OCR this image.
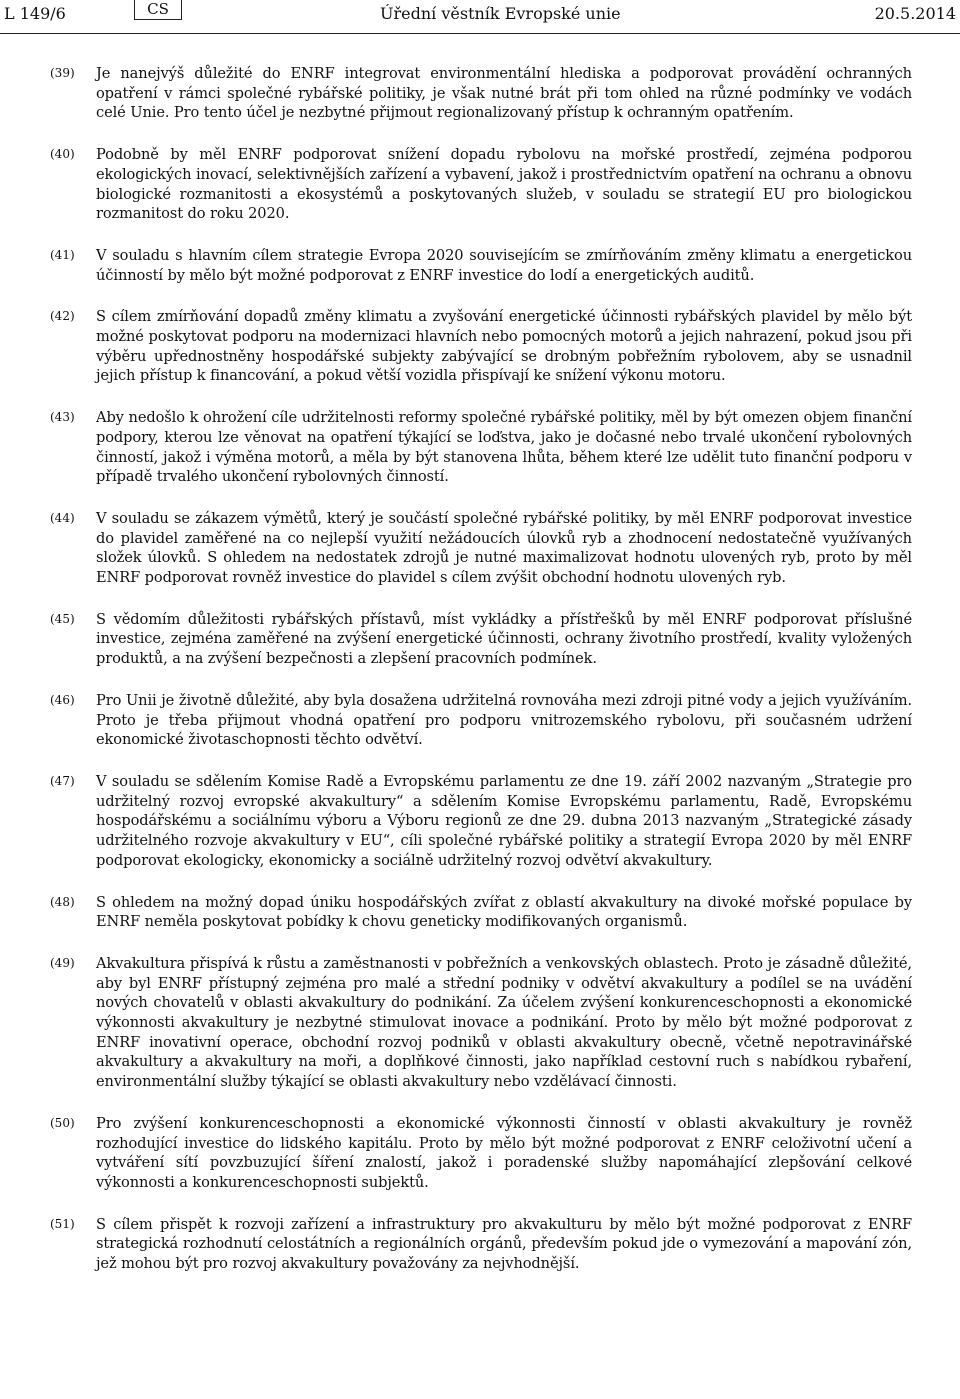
L 149/6	CS	Úřední věstník Evropské unie	20.5.2014
(39) Je nanejvýš důležité do ENRF integrovat environmentální hlediska a podporovat provádění ochranných opatření v rámci společné rybářské politiky, je však nutné brát při tom ohled na různé podmínky ve vodách celé Unie. Pro tento účel je nezbytné přijmout regionalizovaný přístup k ochranným opatřením.
(40) Podobně by měl ENRF podporovat snížení dopadu rybolovu na mořské prostředí, zejména podporou ekologických inovací, selektivnějších zařízení a vybavení, jakož i prostřednictvím opatření na ochranu a obnovu biologické rozmanitosti a ekosystémů a poskytovaných služeb, v souladu se strategií EU pro biologickou rozmanitost do roku 2020.
(41) V souladu s hlavním cílem strategie Evropa 2020 souvisejícím se zmírňováním změny klimatu a energetickou účinností by mělo být možné podporovat z ENRF investice do lodí a energetických auditů.
(42) S cílem zmírňování dopadů změny klimatu a zvyšování energetické účinnosti rybářských plavidel by mělo být možné poskytovat podporu na modernizaci hlavních nebo pomocných motorů a jejich nahrazení, pokud jsou při výběru upřednostněny hospodářské subjekty zabývající se drobným pobřežním rybolovem, aby se usnadnil jejich přístup k financování, a pokud větší vozidla přispívají ke snížení výkonu motoru.
(43) Aby nedošlo k ohrožení cíle udržitelnosti reformy společné rybářské politiky, měl by být omezen objem finanční podpory, kterou lze věnovat na opatření týkající se loďstva, jako je dočasné nebo trvalé ukončení rybolovných činností, jakož i výměna motorů, a měla by být stanovena lhůta, během které lze udělit tuto finanční podporu v případě trvalého ukončení rybolovných činností.
(44) V souladu se zákazem výmětů, který je součástí společné rybářské politiky, by měl ENRF podporovat investice do plavidel zaměřené na co nejlepší využití nežádoucích úlovků ryb a zhodnocení nedostatečně využívaných složek úlovků. S ohledem na nedostatek zdrojů je nutné maximalizovat hodnotu ulovených ryb, proto by měl ENRF podporovat rovněž investice do plavidel s cílem zvýšit obchodní hodnotu ulovených ryb.
(45) S vědomím důležitosti rybářských přístavů, míst vykládky a přístřešků by měl ENRF podporovat příslušné investice, zejména zaměřené na zvýšení energetické účinnosti, ochrany životního prostředí, kvality vyložených produktů, a na zvýšení bezpečnosti a zlepšení pracovních podmínek.
(46) Pro Unii je životně důležité, aby byla dosažena udržitelná rovnováha mezi zdroji pitné vody a jejich využíváním. Proto je třeba přijmout vhodná opatření pro podporu vnitrozemského rybolovu, při současném udržení ekonomické životaschopnosti těchto odvětví.
(47) V souladu se sdělením Komise Radě a Evropskému parlamentu ze dne 19. září 2002 nazvaným „Strategie pro udržitelný rozvoj evropské akvakultury“ a sdělením Komise Evropskému parlamentu, Radě, Evropskému hospodářskému a sociálnímu výboru a Výboru regionů ze dne 29. dubna 2013 nazvaným „Strategické zásady udržitelného rozvoje akvakultury v EU“, cíli společné rybářské politiky a strategií Evropa 2020 by měl ENRF podporovat ekologicky, ekonomicky a sociálně udržitelný rozvoj odvětví akvakultury.
(48) S ohledem na možný dopad úniku hospodářských zvířat z oblastí akvakultury na divoké mořské populace by ENRF neměla poskytovat pobídky k chovu geneticky modifikovaných organismů.
(49) Akvakultura přispívá k růstu a zaměstnanosti v pobřežních a venkovských oblastech. Proto je zásadně důležité, aby byl ENRF přístupný zejména pro malé a střední podniky v odvětví akvakultury a podílel se na uvádění nových chovatelů v oblasti akvakultury do podnikání. Za účelem zvýšení konkurenceschopnosti a ekonomické výkonnosti akvakultury je nezbytné stimulovat inovace a podnikání. Proto by mělo být možné podporovat z ENRF inovativní operace, obchodní rozvoj podniků v oblasti akvakultury obecně, včetně nepotravinářské akvakultury a akvakultury na moři, a doplňkové činnosti, jako například cestovní ruch s nabídkou rybaření, environmentální služby týkající se oblasti akvakultury nebo vzdělávací činnosti.
(50) Pro zvýšení konkurenceschopnosti a ekonomické výkonnosti činností v oblasti akvakultury je rovněž rozhodující investice do lidského kapitálu. Proto by mělo být možné podporovat z ENRF celoživotní učení a vytváření sítí povzbuzující šíření znalostí, jakož i poradenské služby napomáhající zlepšování celkové výkonnosti a konkurenceschopnosti subjektů.
(51) S cílem přispět k rozvoji zařízení a infrastruktury pro akvakulturu by mělo být možné podporovat z ENRF strategická rozhodnutí celostátních a regionálních orgánů, především pokud jde o vymezování a mapování zón, jež mohou být pro rozvoj akvakultury považovány za nejvhodnější.
